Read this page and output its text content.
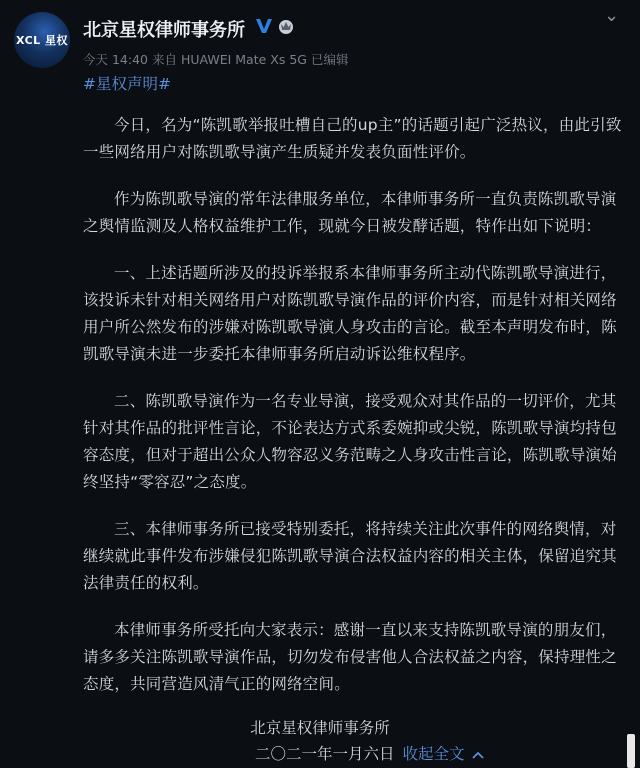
XCL 星权 北京星权律师事务所
今天 14:40 来自 HUAWEI Mate Xs 5G 已编辑
⌄
#星权声明#

今日，名为“陈凯歌举报吐槽自己的up主”的话题引起广泛热议，由此引致一些网络用户对陈凯歌导演产生质疑并发表负面性评价。

作为陈凯歌导演的常年法律服务单位，本律师事务所一直负责陈凯歌导演之舆情监测及人格权益维护工作，现就今日被发酵话题，特作出如下说明：

一、上述话题所涉及的投诉举报系本律师事务所主动代陈凯歌导演进行，该投诉未针对相关网络用户对陈凯歌导演作品的评价内容，而是针对相关网络用户所公然发布的涉嫌对陈凯歌导演人身攻击的言论。截至本声明发布时，陈凯歌导演未进一步委托本律师事务所启动诉讼维权程序。

二、陈凯歌导演作为一名专业导演，接受观众对其作品的一切评价，尤其针对其作品的批评性言论，不论表达方式系委婉抑或尖锐，陈凯歌导演均持包容态度，但对于超出公众人物容忍义务范畴之人身攻击性言论，陈凯歌导演始终坚持“零容忍”之态度。

三、本律师事务所已接受特别委托，将持续关注此次事件的网络舆情，对继续就此事件发布涉嫌侵犯陈凯歌导演合法权益内容的相关主体，保留追究其法律责任的权利。

本律师事务所受托向大家表示：感谢一直以来支持陈凯歌导演的朋友们，请多多关注陈凯歌导演作品，切勿发布侵害他人合法权益之内容，保持理性之态度，共同营造风清气正的网络空间。

北京星权律师事务所
二〇二一年一月六日 收起全文
